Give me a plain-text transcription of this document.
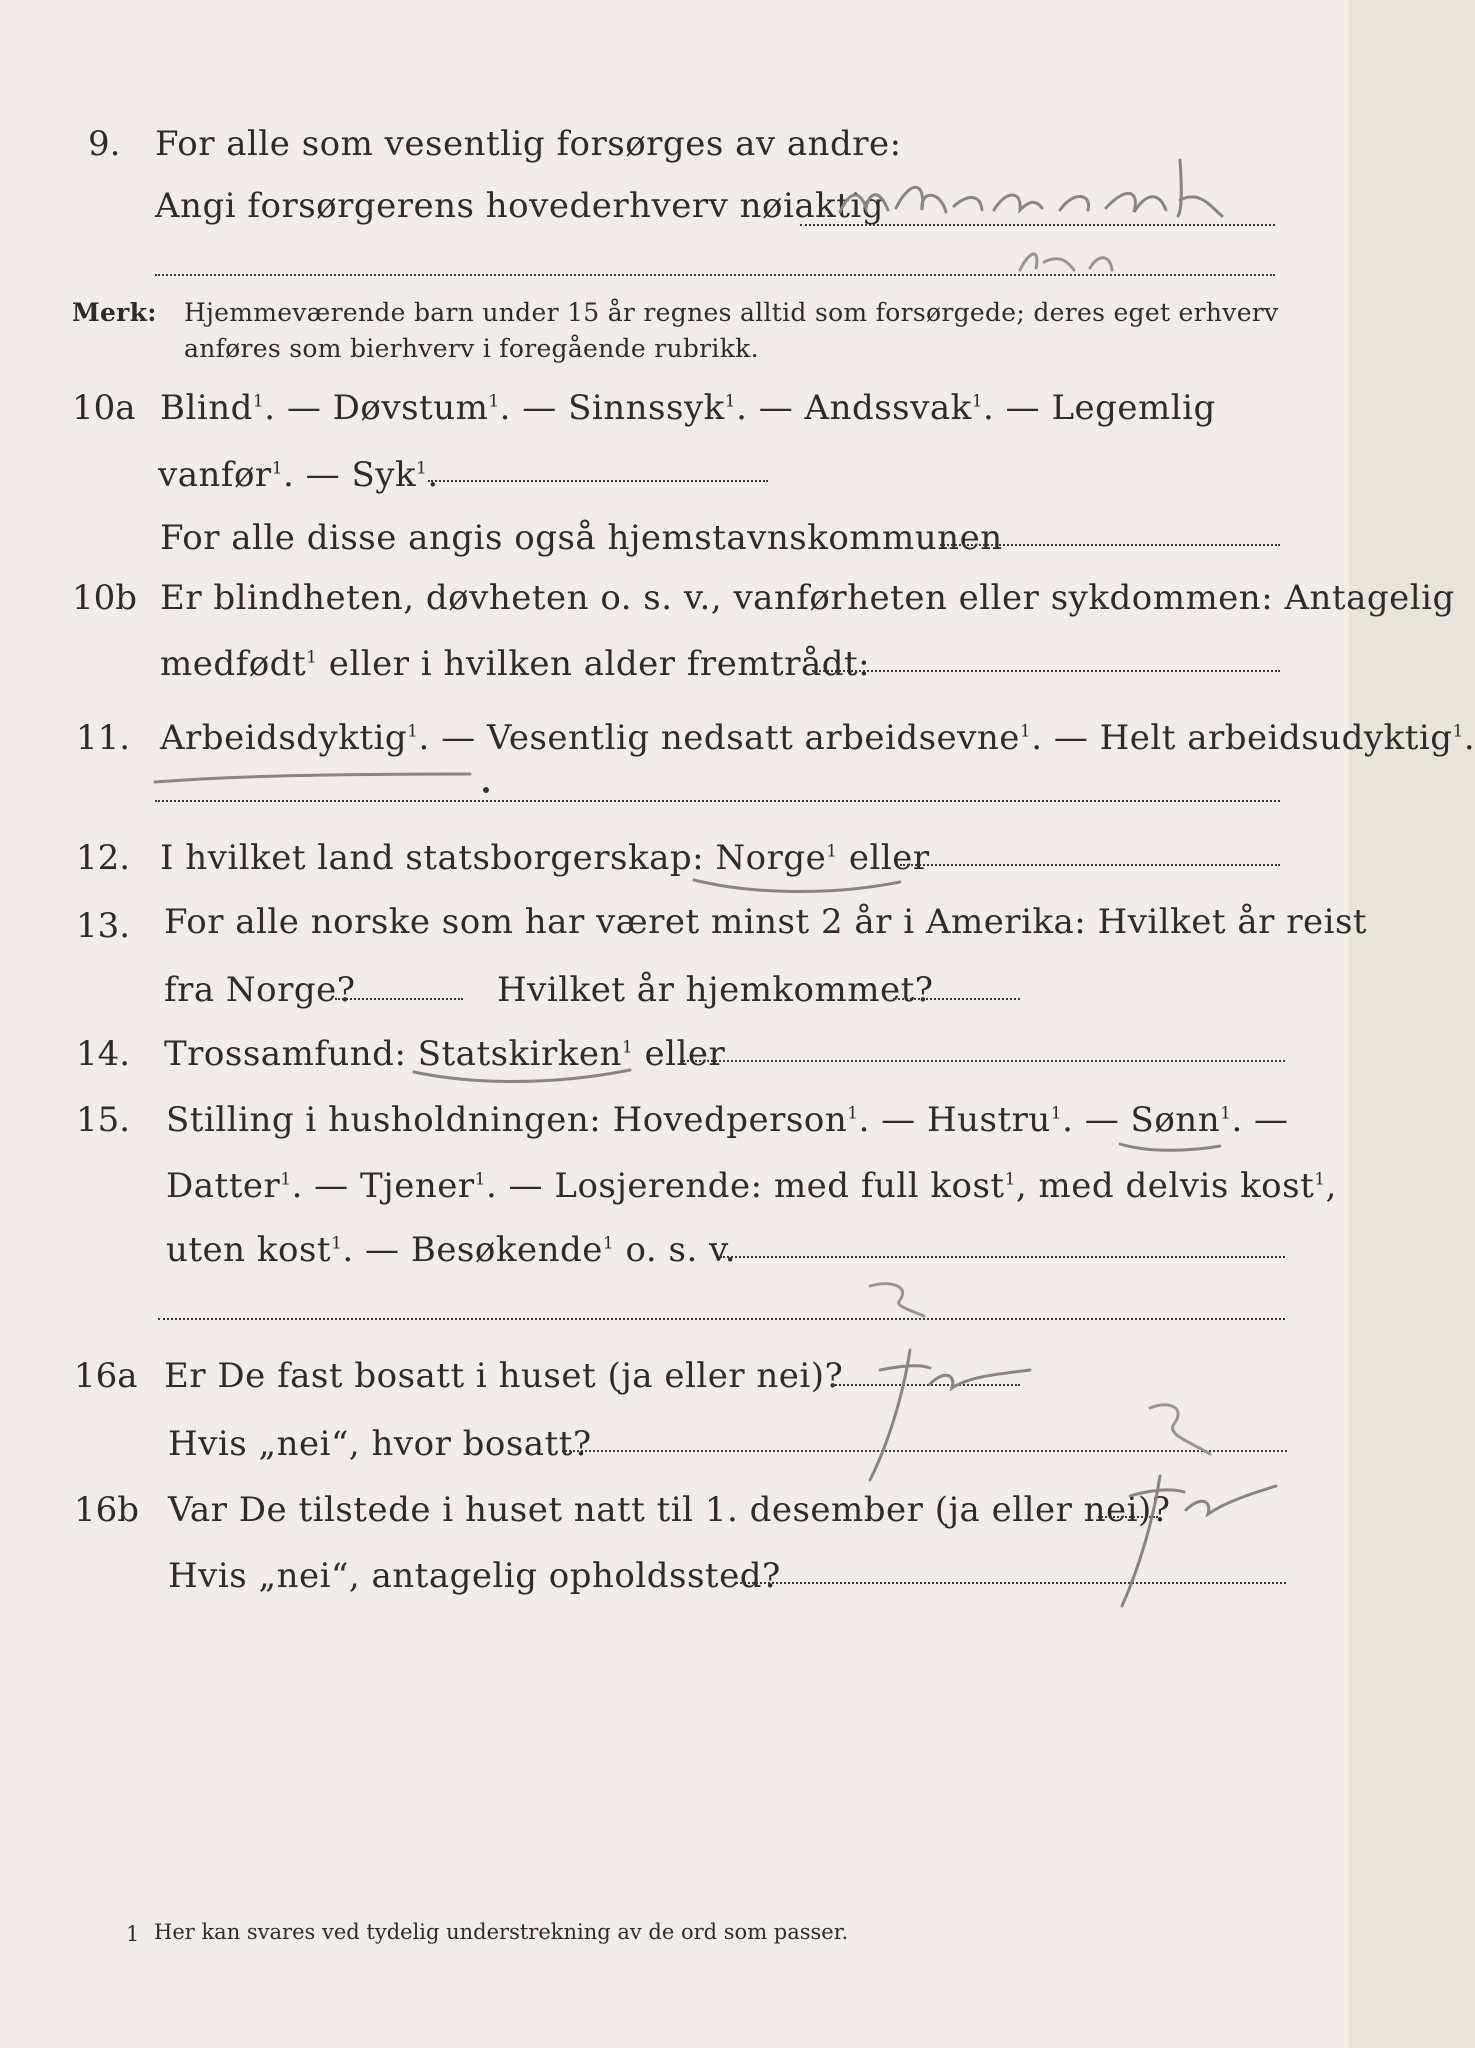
9. For alle som vesentlig forsørges av andre:
Angi forsørgerens hovederhverv nøiaktig
Merk: Hjemmeværende barn under 15 år regnes alltid som forsørgede; deres eget erhverv
anføres som bierhverv i foregående rubrikk.
10a Blind$^1$. — Døvstum$^1$. — Sinnssyk$^1$. — Andssvak$^1$. — Legemlig
vanfør$^1$. — Syk$^1$.
For alle disse angis også hjemstavnskommunen
10b Er blindheten, døvheten o. s. v., vanførheten eller sykdommen: Antagelig
medfødt$^1$ eller i hvilken alder fremtrådt:
11. Arbeidsdyktig$^1$. — Vesentlig nedsatt arbeidsevne$^1$. — Helt arbeidsudyktig$^1$.
12. I hvilket land statsborgerskap: Norge$^1$ eller
13. For alle norske som har været minst 2 år i Amerika: Hvilket år reist
fra Norge?	Hvilket år hjemkommet?
14. Trossamfund: Statskirken$^1$ eller
15. Stilling i husholdningen: Hovedperson$^1$. — Hustru$^1$. — Sønn$^1$. —
Datter$^1$. — Tjener$^1$. — Losjerende: med full kost$^1$, med delvis kost$^1$,
uten kost$^1$. — Besøkende$^1$ o. s. v.
16a Er De fast bosatt i huset (ja eller nei)?
Hvis „nei“, hvor bosatt?
16b Var De tilstede i huset natt til 1. desember (ja eller nei)?
Hvis „nei“, antagelig opholdssted?
1 Her kan svares ved tydelig understrekning av de ord som passer.
